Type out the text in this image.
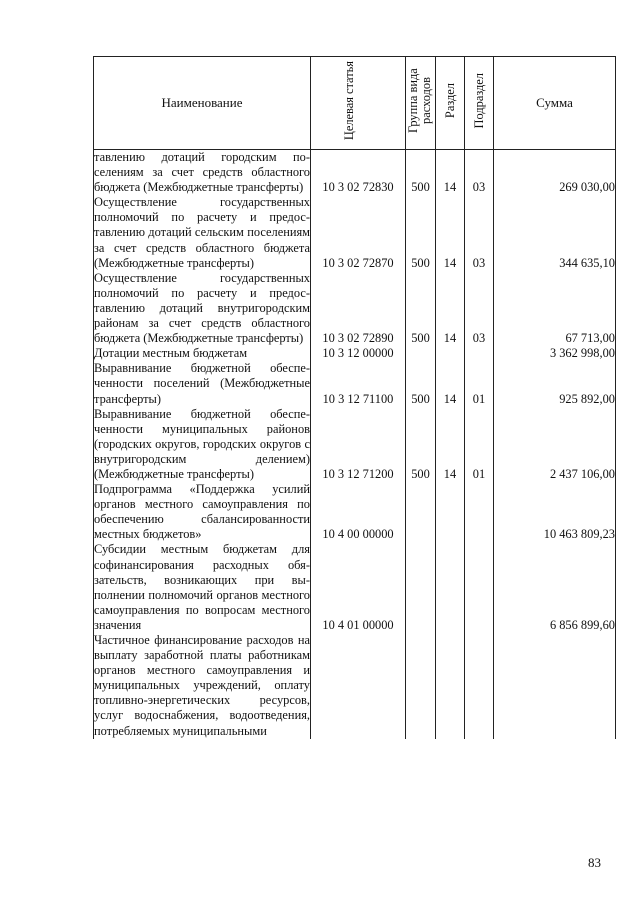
Наименование	Целевая статья	Группа вида расходов	Раздел	Подраздел	Сумма

тавлению дотаций городским поселениям за счет средств областного бюджета (Межбюджетные трансферты)	10 3 02 72830	500	14	03	269 030,00
Осуществление государственных полномочий по расчету и предоставлению дотаций сельским поселениям за счет средств областного бюджета (Межбюджетные трансферты)	10 3 02 72870	500	14	03	344 635,10
Осуществление государственных полномочий по расчету и предоставлению дотаций внутригородским районам за счет средств областного бюджета (Межбюджетные трансферты)	10 3 02 72890	500	14	03	67 713,00
Дотации местным бюджетам	10 3 12 00000				3 362 998,00
Выравнивание бюджетной обеспеченности поселений (Межбюджетные трансферты)	10 3 12 71100	500	14	01	925 892,00
Выравнивание бюджетной обеспеченности муниципальных районов (городских округов, городских округов с внутригородским делением) (Межбюджетные трансферты)	10 3 12 71200	500	14	01	2 437 106,00
Подпрограмма «Поддержка усилий органов местного самоуправления по обеспечению сбалансированности местных бюджетов»	10 4 00 00000				10 463 809,23
Субсидии местным бюджетам для софинансирования расходных обязательств, возникающих при выполнении полномочий органов местного самоуправления по вопросам местного значения	10 4 01 00000				6 856 899,60
Частичное финансирование расходов на выплату заработной платы работникам органов местного самоуправления и муниципальных учреждений, оплату топливно-энергетических ресурсов, услуг водоснабжения, водоотведения, потребляемых муниципальными					
83
